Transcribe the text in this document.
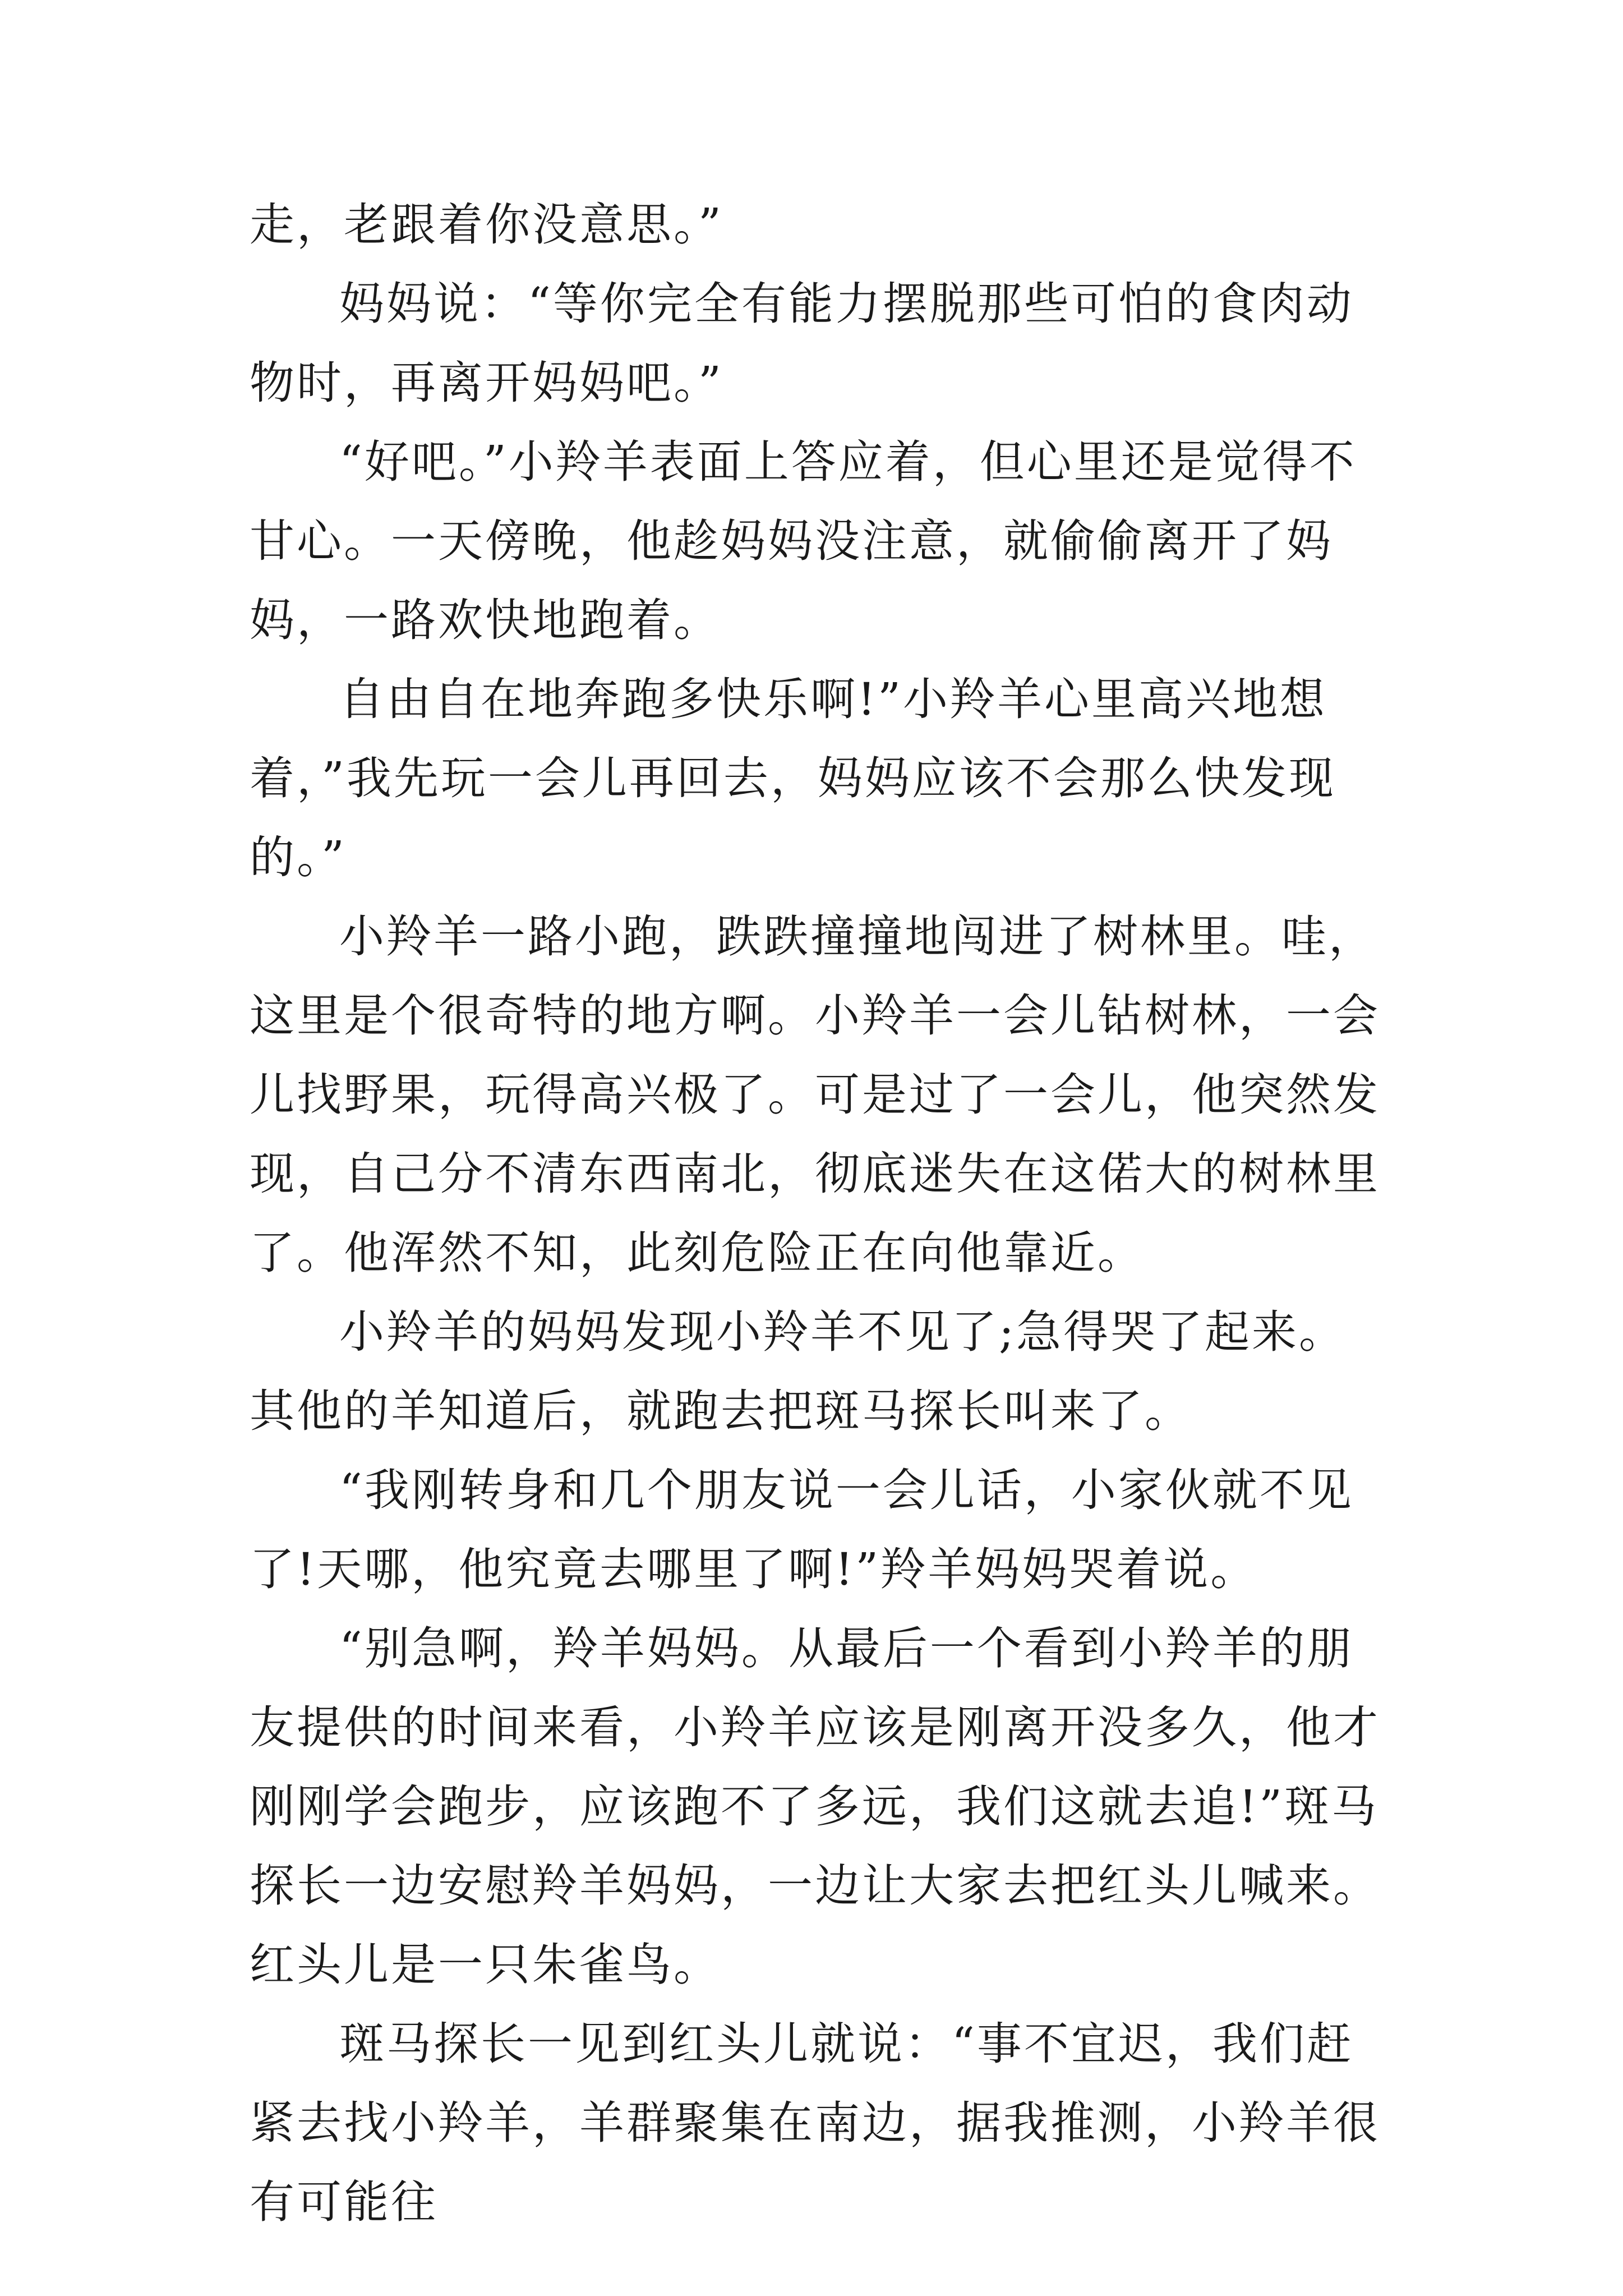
走，老跟着你没意思。”

妈妈说：“等你完全有能力摆脱那些可怕的食肉动物时，再离开妈妈吧。”

“好吧。”小羚羊表面上答应着，但心里还是觉得不甘心。一天傍晚，他趁妈妈没注意，就偷偷离开了妈妈，一路欢快地跑着。

自由自在地奔跑多快乐啊!”小羚羊心里高兴地想着，”我先玩一会儿再回去，妈妈应该不会那么快发现的。”

小羚羊一路小跑，跌跌撞撞地闯进了树林里。哇，这里是个很奇特的地方啊。小羚羊一会儿钻树林，一会儿找野果，玩得高兴极了。可是过了一会儿，他突然发现，自己分不清东西南北，彻底迷失在这偌大的树林里了。他浑然不知，此刻危险正在向他靠近。

小羚羊的妈妈发现小羚羊不见了;急得哭了起来。其他的羊知道后，就跑去把斑马探长叫来了。

“我刚转身和几个朋友说一会儿话，小家伙就不见了!天哪，他究竟去哪里了啊!”羚羊妈妈哭着说。

“别急啊，羚羊妈妈。从最后一个看到小羚羊的朋友提供的时间来看，小羚羊应该是刚离开没多久，他才刚刚学会跑步，应该跑不了多远，我们这就去追!”斑马探长一边安慰羚羊妈妈，一边让大家去把红头儿喊来。红头儿是一只朱雀鸟。

斑马探长一见到红头儿就说：“事不宜迟，我们赶紧去找小羚羊，羊群聚集在南边，据我推测，小羚羊很有可能往
